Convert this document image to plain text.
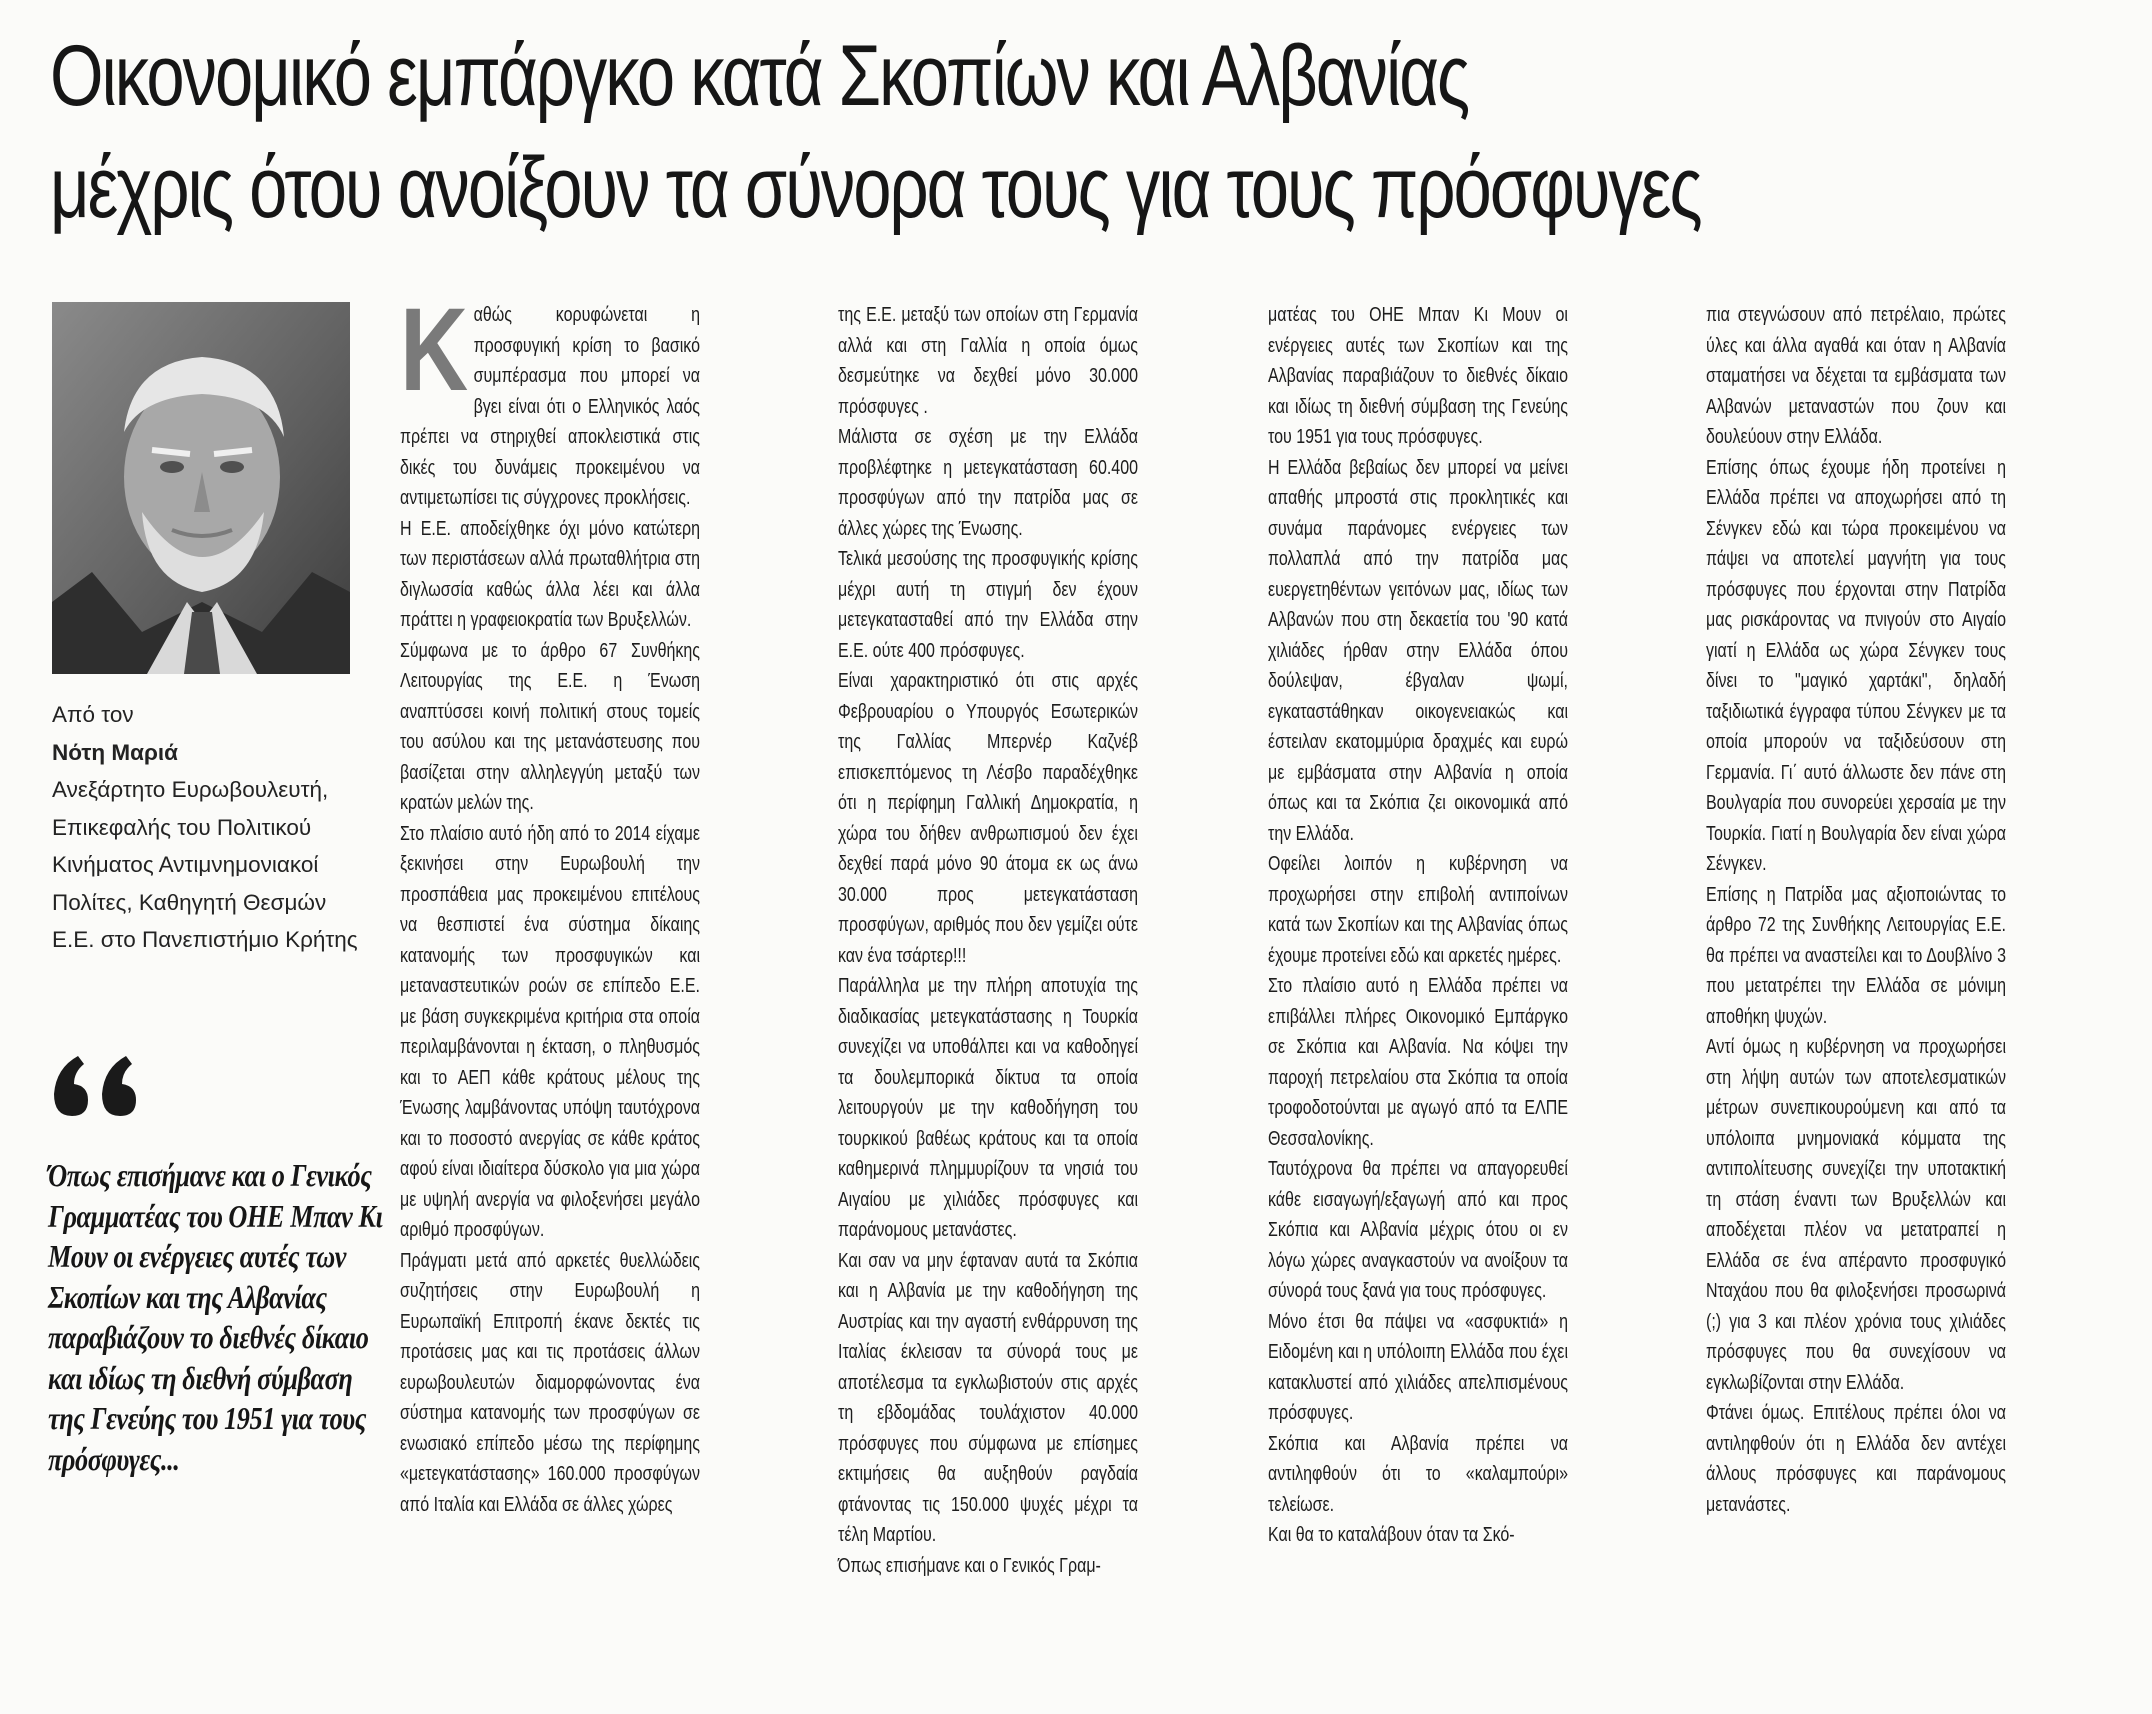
Οικονομικό εμπάργκο κατά Σκοπίων και Αλβανίας
μέχρις ότου ανοίξουν τα σύνορα τους για τους πρόσφυγες
Από τον
Νότη Μαριά
Ανεξάρτητο Ευρωβουλευτή, Επικεφαλής του Πολιτικού Κινήματος Αντιμνημονιακοί Πολίτες, Καθηγητή Θεσμών Ε.Ε. στο Πανεπιστήμιο Κρήτης
Όπως επισήμανε και ο Γενικός Γραμματέας του ΟΗΕ Μπαν Κι Μουν οι ενέργειες αυτές των Σκοπίων και της Αλβανίας παραβιάζουν το διεθνές δίκαιο και ιδίως τη διεθνή σύμβαση της Γενεύης του 1951 για τους πρόσφυγες...

Καθώς κορυφώνεται η προσφυγική κρίση το βασικό συμπέρασμα που μπορεί να βγει είναι ότι ο Ελληνικός λαός πρέπει να στηριχθεί αποκλειστικά στις δικές του δυνάμεις προκειμένου να αντιμετωπίσει τις σύγχρονες προκλήσεις.

Η Ε.Ε. αποδείχθηκε όχι μόνο κατώτερη των περιστάσεων αλλά πρωταθλήτρια στη διγλωσσία καθώς άλλα λέει και άλλα πράττει η γραφειοκρατία των Βρυξελλών.

Σύμφωνα με το άρθρο 67 Συνθήκης Λειτουργίας της Ε.Ε. η Ένωση αναπτύσσει κοινή πολιτική στους τομείς του ασύλου και της μετανάστευσης που βασίζεται στην αλληλεγγύη μεταξύ των κρατών μελών της.

Στο πλαίσιο αυτό ήδη από το 2014 είχαμε ξεκινήσει στην Ευρωβουλή την προσπάθεια μας προκειμένου επιτέλους να θεσπιστεί ένα σύστημα δίκαιης κατανομής των προσφυγικών και μεταναστευτικών ροών σε επίπεδο Ε.Ε. με βάση συγκεκριμένα κριτήρια στα οποία περιλαμβάνονται η έκταση, ο πληθυσμός και το ΑΕΠ κάθε κράτους μέλους της Ένωσης λαμβάνοντας υπόψη ταυτόχρονα και το ποσοστό ανεργίας σε κάθε κράτος αφού είναι ιδιαίτερα δύσκολο για μια χώρα με υψηλή ανεργία να φιλοξενήσει μεγάλο αριθμό προσφύγων.

Πράγματι μετά από αρκετές θυελλώδεις συζητήσεις στην Ευρωβουλή η Ευρωπαϊκή Επιτροπή έκανε δεκτές τις προτάσεις μας και τις προτάσεις άλλων ευρωβουλευτών διαμορφώνοντας ένα σύστημα κατανομής των προσφύγων σε ενωσιακό επίπεδο μέσω της περίφημης «μετεγκατάστασης» 160.000 προσφύγων από Ιταλία και Ελλάδα σε άλλες χώρες

της Ε.Ε. μεταξύ των οποίων στη Γερμανία αλλά και στη Γαλλία η οποία όμως δεσμεύτηκε να δεχθεί μόνο 30.000 πρόσφυγες .

Μάλιστα σε σχέση με την Ελλάδα προβλέφτηκε η μετεγκατάσταση 60.400 προσφύγων από την πατρίδα μας σε άλλες χώρες της Ένωσης.

Τελικά μεσούσης της προσφυγικής κρίσης μέχρι αυτή τη στιγμή δεν έχουν μετεγκατασταθεί από την Ελλάδα στην Ε.Ε. ούτε 400 πρόσφυγες.

Είναι χαρακτηριστικό ότι στις αρχές Φεβρουαρίου ο Υπουργός Εσωτερικών της Γαλλίας Μπερνέρ Καζνέβ επισκεπτόμενος τη Λέσβο παραδέχθηκε ότι η περίφημη Γαλλική Δημοκρατία, η χώρα του δήθεν ανθρωπισμού δεν έχει δεχθεί παρά μόνο 90 άτομα εκ ως άνω 30.000 προς μετεγκατάσταση προσφύγων, αριθμός που δεν γεμίζει ούτε καν ένα τσάρτερ!!!

Παράλληλα με την πλήρη αποτυχία της διαδικασίας μετεγκατάστασης η Τουρκία συνεχίζει να υποθάλπει και να καθοδηγεί τα δουλεμπορικά δίκτυα τα οποία λειτουργούν με την καθοδήγηση του τουρκικού βαθέως κράτους και τα οποία καθημερινά πλημμυρίζουν τα νησιά του Αιγαίου με χιλιάδες πρόσφυγες και παράνομους μετανάστες.

Και σαν να μην έφταναν αυτά τα Σκόπια και η Αλβανία με την καθοδήγηση της Αυστρίας και την αγαστή ενθάρρυνση της Ιταλίας έκλεισαν τα σύνορά τους με αποτέλεσμα τα εγκλωβιστούν στις αρχές τη εβδομάδας τουλάχιστον 40.000 πρόσφυγες που σύμφωνα με επίσημες εκτιμήσεις θα αυξηθούν ραγδαία φτάνοντας τις 150.000 ψυχές μέχρι τα τέλη Μαρτίου.

Όπως επισήμανε και ο Γενικός Γραμ-

ματέας του ΟΗΕ Μπαν Κι Μουν οι ενέργειες αυτές των Σκοπίων και της Αλβανίας παραβιάζουν το διεθνές δίκαιο και ιδίως τη διεθνή σύμβαση της Γενεύης του 1951 για τους πρόσφυγες.

Η Ελλάδα βεβαίως δεν μπορεί να μείνει απαθής μπροστά στις προκλητικές και συνάμα παράνομες ενέργειες των πολλαπλά από την πατρίδα μας ευεργετηθέντων γειτόνων μας, ιδίως των Αλβανών που στη δεκαετία του '90 κατά χιλιάδες ήρθαν στην Ελλάδα όπου δούλεψαν, έβγαλαν ψωμί, εγκαταστάθηκαν οικογενειακώς και έστειλαν εκατομμύρια δραχμές και ευρώ με εμβάσματα στην Αλβανία η οποία όπως και τα Σκόπια ζει οικονομικά από την Ελλάδα.

Οφείλει λοιπόν η κυβέρνηση να προχωρήσει στην επιβολή αντιποίνων κατά των Σκοπίων και της Αλβανίας όπως έχουμε προτείνει εδώ και αρκετές ημέρες.

Στο πλαίσιο αυτό η Ελλάδα πρέπει να επιβάλλει πλήρες Οικονομικό Εμπάργκο σε Σκόπια και Αλβανία. Να κόψει την παροχή πετρελαίου στα Σκόπια τα οποία τροφοδοτούνται με αγωγό από τα ΕΛΠΕ Θεσσαλονίκης.

Ταυτόχρονα θα πρέπει να απαγορευθεί κάθε εισαγωγή/εξαγωγή από και προς Σκόπια και Αλβανία μέχρις ότου οι εν λόγω χώρες αναγκαστούν να ανοίξουν τα σύνορά τους ξανά για τους πρόσφυγες.

Μόνο έτσι θα πάψει να «ασφυκτιά» η Ειδομένη και η υπόλοιπη Ελλάδα που έχει κατακλυστεί από χιλιάδες απελπισμένους πρόσφυγες.

Σκόπια και Αλβανία πρέπει να αντιληφθούν ότι το «καλαμπούρι» τελείωσε.

Και θα το καταλάβουν όταν τα Σκό-

πια στεγνώσουν από πετρέλαιο, πρώτες ύλες και άλλα αγαθά και όταν η Αλβανία σταματήσει να δέχεται τα εμβάσματα των Αλβανών μεταναστών που ζουν και δουλεύουν στην Ελλάδα.

Επίσης όπως έχουμε ήδη προτείνει η Ελλάδα πρέπει να αποχωρήσει από τη Σένγκεν εδώ και τώρα προκειμένου να πάψει να αποτελεί μαγνήτη για τους πρόσφυγες που έρχονται στην Πατρίδα μας ρισκάροντας να πνιγούν στο Αιγαίο γιατί η Ελλάδα ως χώρα Σένγκεν τους δίνει το "μαγικό χαρτάκι", δηλαδή ταξιδιωτικά έγγραφα τύπου Σένγκεν με τα οποία μπορούν να ταξιδεύσουν στη Γερμανία. Γι΄ αυτό άλλωστε δεν πάνε στη Βουλγαρία που συνορεύει χερσαία με την Τουρκία. Γιατί η Βουλγαρία δεν είναι χώρα Σένγκεν.

Επίσης η Πατρίδα μας αξιοποιώντας το άρθρο 72 της Συνθήκης Λειτουργίας Ε.Ε. θα πρέπει να αναστείλει και το Δουβλίνο 3 που μετατρέπει την Ελλάδα σε μόνιμη αποθήκη ψυχών.

Αντί όμως η κυβέρνηση να προχωρήσει στη λήψη αυτών των αποτελεσματικών μέτρων συνεπικουρούμενη και από τα υπόλοιπα μνημονιακά κόμματα της αντιπολίτευσης συνεχίζει την υποτακτική τη στάση έναντι των Βρυξελλών και αποδέχεται πλέον να μετατραπεί η Ελλάδα σε ένα απέραντο προσφυγικό Νταχάου που θα φιλοξενήσει προσωρινά (;) για 3 και πλέον χρόνια τους χιλιάδες πρόσφυγες που θα συνεχίσουν να εγκλωβίζονται στην Ελλάδα.

Φτάνει όμως. Επιτέλους πρέπει όλοι να αντιληφθούν ότι η Ελλάδα δεν αντέχει άλλους πρόσφυγες και παράνομους μετανάστες.
